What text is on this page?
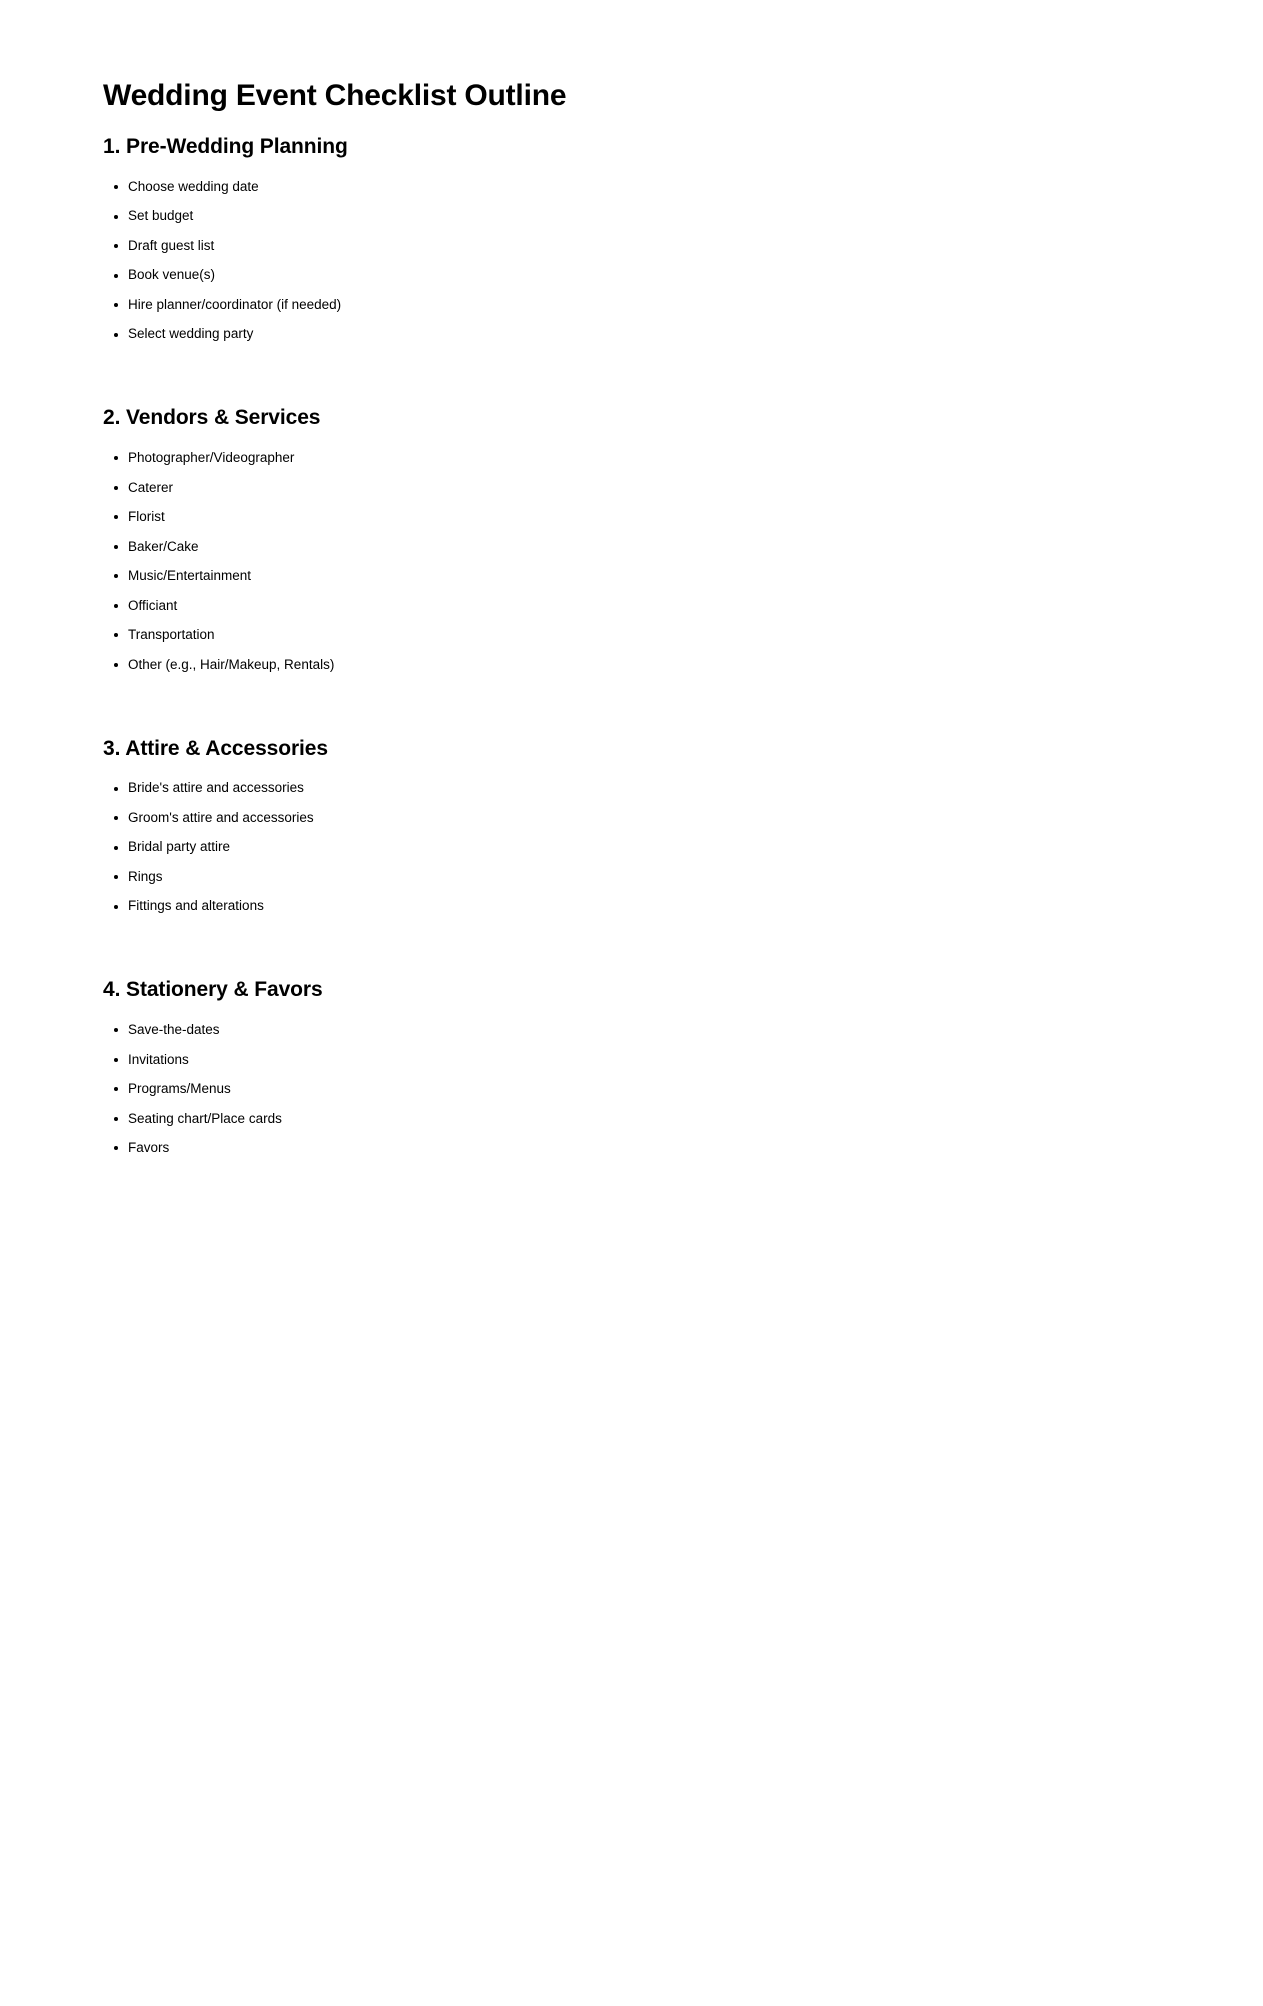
Wedding Event Checklist Outline
1. Pre-Wedding Planning
Choose wedding date
Set budget
Draft guest list
Book venue(s)
Hire planner/coordinator (if needed)
Select wedding party
2. Vendors & Services
Photographer/Videographer
Caterer
Florist
Baker/Cake
Music/Entertainment
Officiant
Transportation
Other (e.g., Hair/Makeup, Rentals)
3. Attire & Accessories
Bride's attire and accessories
Groom's attire and accessories
Bridal party attire
Rings
Fittings and alterations
4. Stationery & Favors
Save-the-dates
Invitations
Programs/Menus
Seating chart/Place cards
Favors
